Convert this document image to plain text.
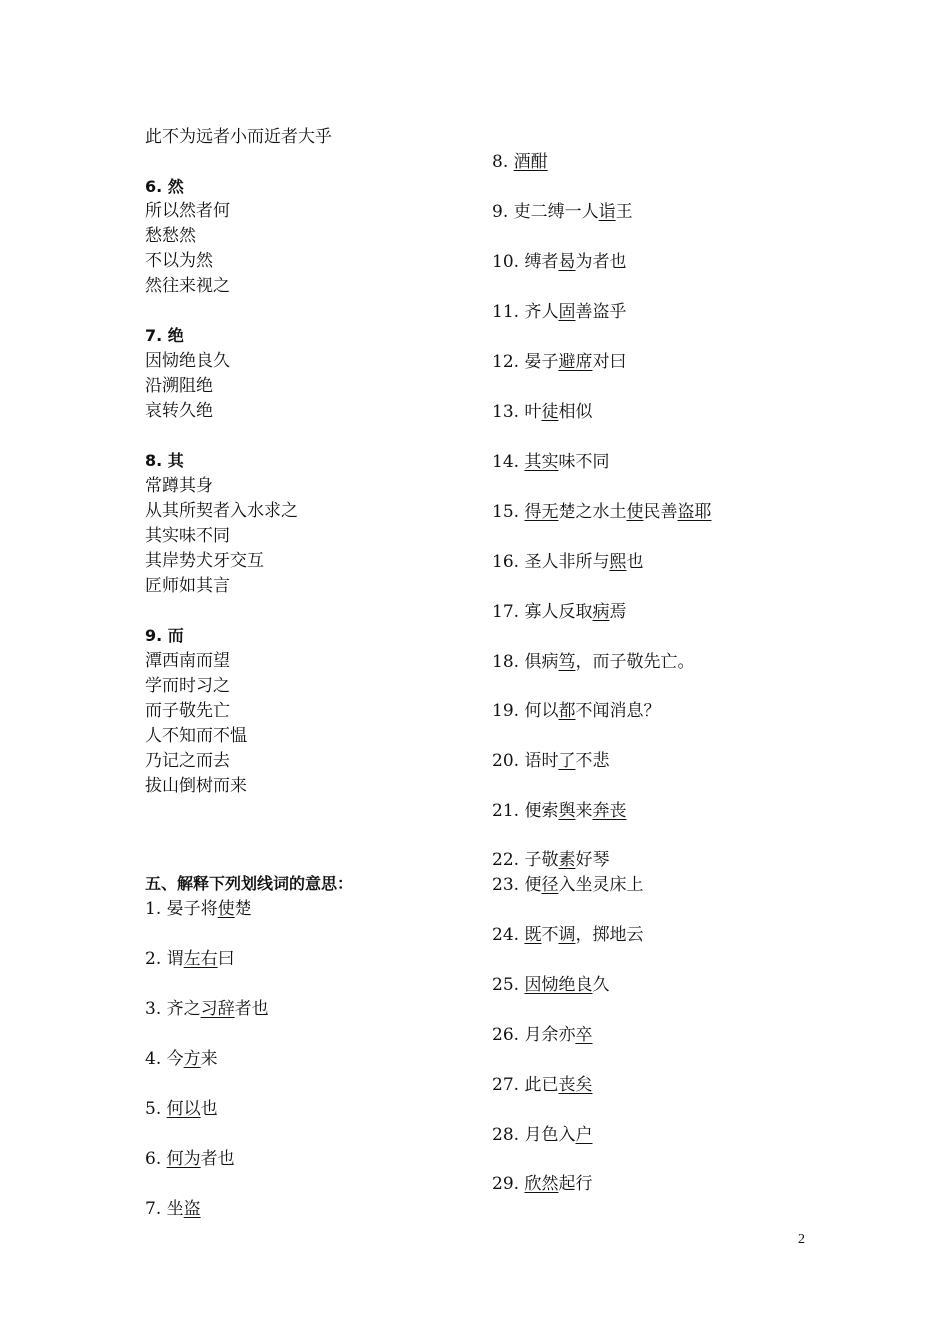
此不为远者小而近者大乎
6. 然
所以然者何
愁愁然
不以为然
然往来视之
7. 绝
因恸绝良久
沿溯阻绝
哀转久绝
8. 其
常蹲其身
从其所契者入水求之
其实味不同
其岸势犬牙交互
匠师如其言
9. 而
潭西南而望
学而时习之
而子敬先亡
人不知而不愠
乃记之而去
拔山倒树而来
五、解释下列划线词的意思：
1. 晏子将使楚
2. 谓左右曰
3. 齐之习辞者也
4. 今方来
5. 何以也
6. 何为者也
7. 坐盗
8. 酒酣
9. 吏二缚一人诣王
10. 缚者曷为者也
11. 齐人固善盗乎
12. 晏子避席对曰
13. 叶徒相似
14. 其实味不同
15. 得无楚之水土使民善盗耶
16. 圣人非所与熙也
17. 寡人反取病焉
18. 俱病笃，而子敬先亡。
19. 何以都不闻消息？
20. 语时了不悲
21. 便索舆来奔丧
22. 子敬素好琴
23. 便径入坐灵床上
24. 既不调，掷地云
25. 因恸绝良久
26. 月余亦卒
27. 此已丧矣
28. 月色入户
29. 欣然起行
2
